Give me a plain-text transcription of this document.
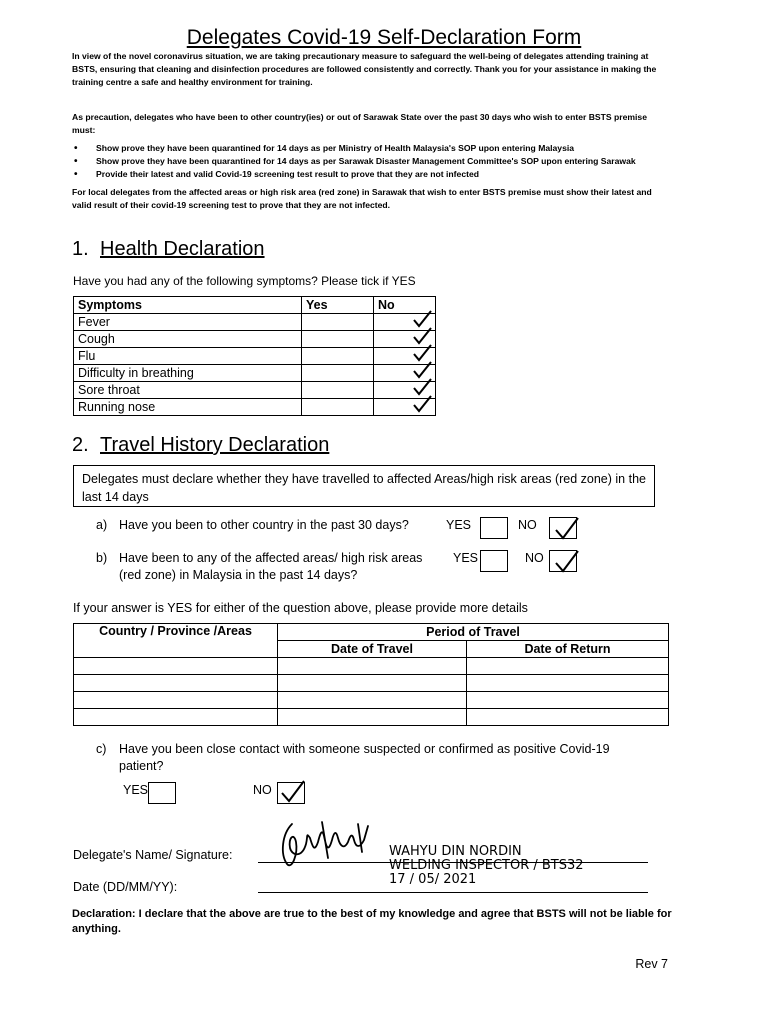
Delegates Covid-19 Self-Declaration Form
In view of the novel coronavirus situation, we are taking precautionary measure to safeguard the well-being of delegates attending training at BSTS, ensuring that cleaning and disinfection procedures are followed consistently and correctly. Thank you for your assistance in making the training centre a safe and healthy environment for training.
As precaution, delegates who have been to other country(ies) or out of Sarawak State over the past 30 days who wish to enter BSTS premise must:
• Show prove they have been quarantined for 14 days as per Ministry of Health Malaysia's SOP upon entering Malaysia
• Show prove they have been quarantined for 14 days as per Sarawak Disaster Management Committee's SOP upon entering Sarawak
• Provide their latest and valid Covid-19 screening test result to prove that they are not infected
For local delegates from the affected areas or high risk area (red zone) in Sarawak that wish to enter BSTS premise must show their latest and valid result of their covid-19 screening test to prove that they are not infected.
1. Health Declaration
Have you had any of the following symptoms? Please tick if YES
Symptoms	Yes	No
Fever		

Cough		

Flu		

Difficulty in breathing		

Sore throat		

Running nose		
2. Travel History Declaration
Delegates must declare whether they have travelled to affected Areas/high risk areas (red zone) in the last 14 days
a) Have you been to other country in the past 30 days?	YES	NO
b) Have been to any of the affected areas/ high risk areas
(red zone) in Malaysia in the past 14 days?
YES	NO
If your answer is YES for either of the question above, please provide more details
Country / Province /Areas	Period of Travel	
	Date of Travel	Date of Return

c) Have you been close contact with someone suspected or confirmed as positive Covid-19
patient?
YES	NO
Delegate's Name/ Signature:
Date (DD/MM/YY):
WAHYU DIN NORDIN
WELDING INSPECTOR / BTS32
17 / 05/ 2021
Declaration: I declare that the above are true to the best of my knowledge and agree that BSTS will not be liable for anything.
Rev 7
